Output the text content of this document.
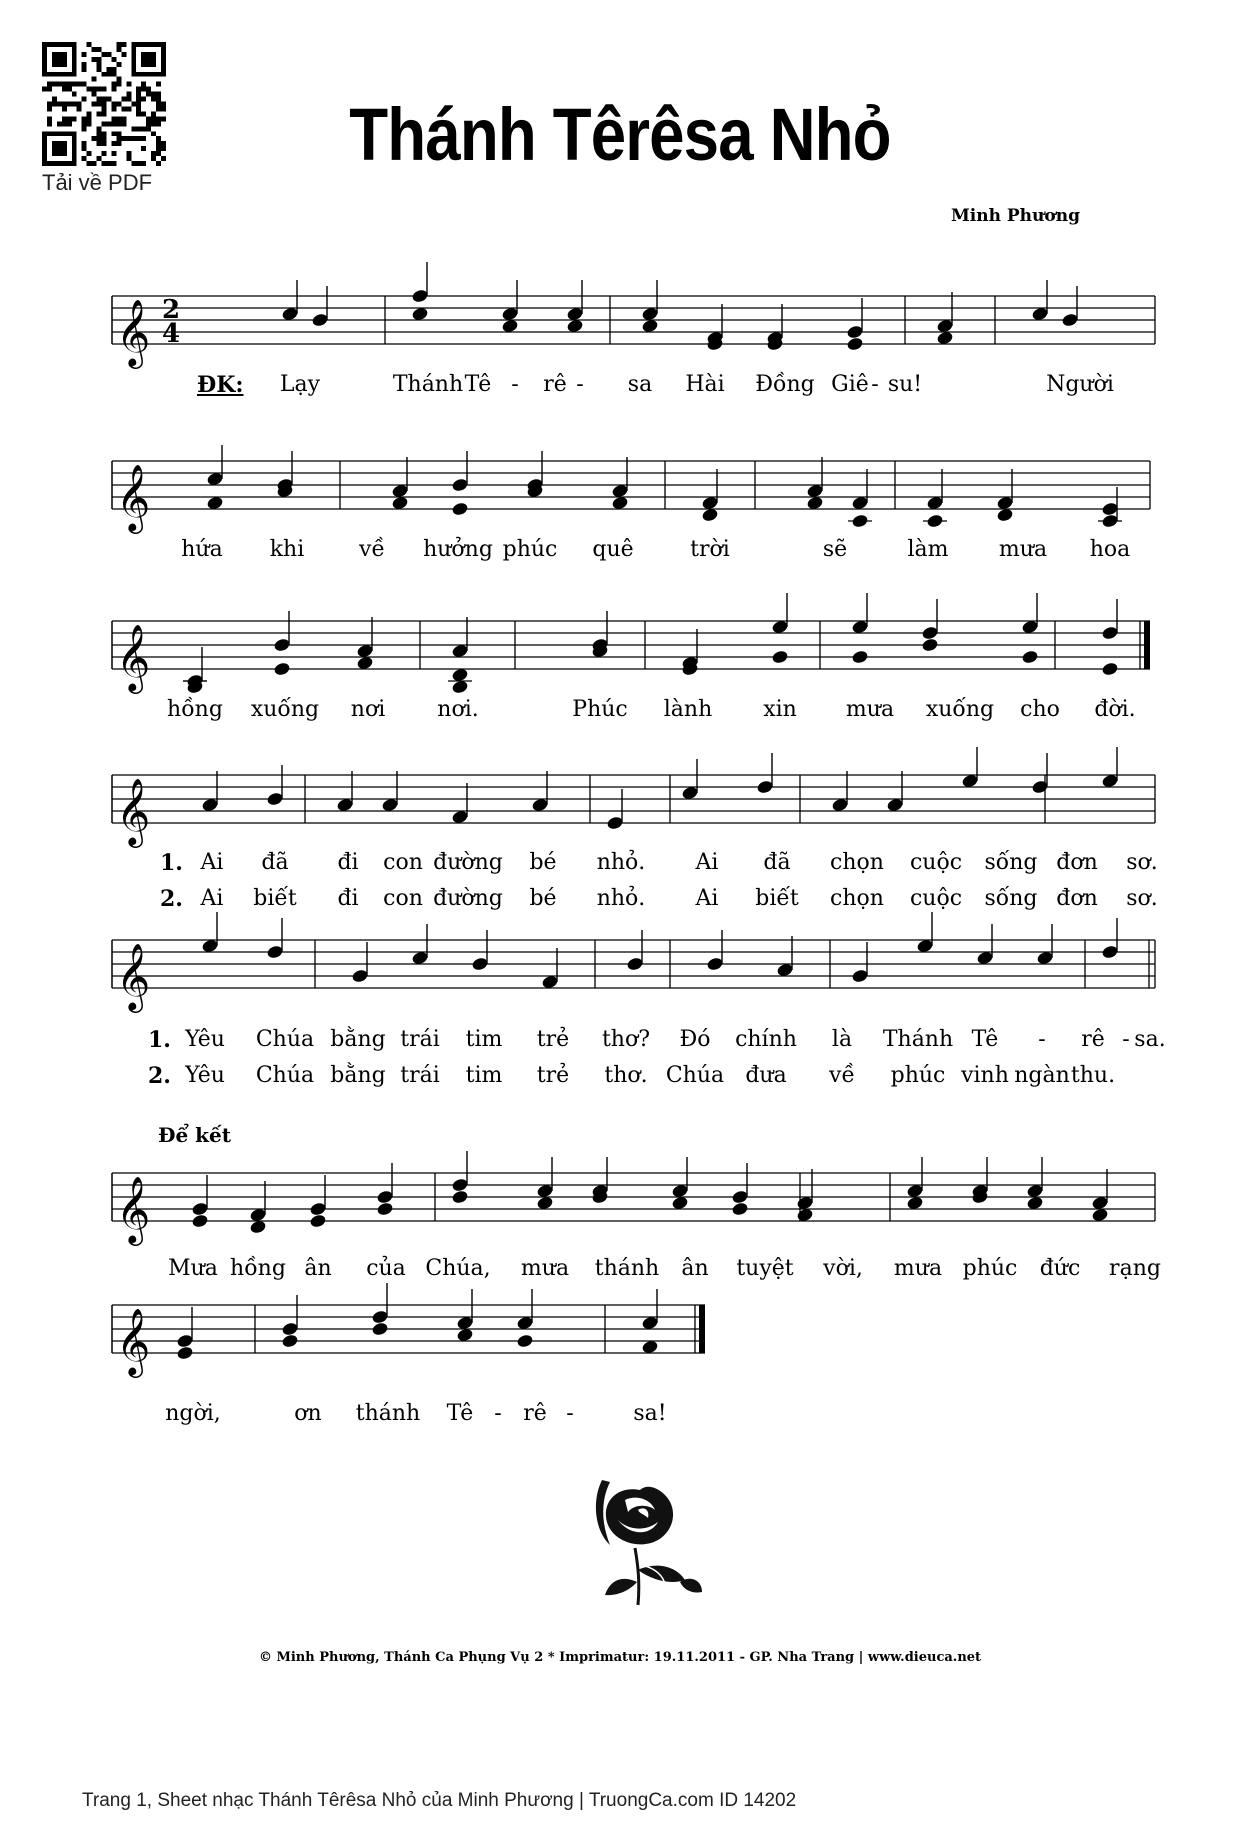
Tải về PDF
Thánh Têrêsa Nhỏ
Minh Phương
𝄞 2
4
𝄞
𝄞
𝄞
𝄞
𝄞
𝄞
ĐK: Lạy	Thánh Tê - rê - sa Hài Đồng Giê - su!	Người
hứa khi về hưởng phúc quê	trời	sẽ	làm mưa hoa
hồng xuống nơi nơi.	Phúc lành xin mưa xuống cho đời.
1. Ai đã đi con đường bé nhỏ. Ai đã chọn cuộc sống đơn sơ.
2. Ai biết đi con đường bé nhỏ. Ai biết chọn cuộc sống đơn sơ.
1. Yêu Chúa bằng trái tim trẻ thơ? Đó chính là Thánh Tê - rê - sa.
2. Yêu Chúa bằng trái tim trẻ thơ. Chúa đưa về phúc vinh ngàn thu.
Mưa hồng ân của Chúa, mưa thánh ân tuyệt vời, mưa phúc đức rạng
ngời,	ơn thánh Tê - rê -	sa!
Để kết
© Minh Phương, Thánh Ca Phụng Vụ 2 * Imprimatur: 19.11.2011 - GP. Nha Trang | www.dieuca.net
Trang 1, Sheet nhạc Thánh Têrêsa Nhỏ của Minh Phương | TruongCa.com ID 14202
